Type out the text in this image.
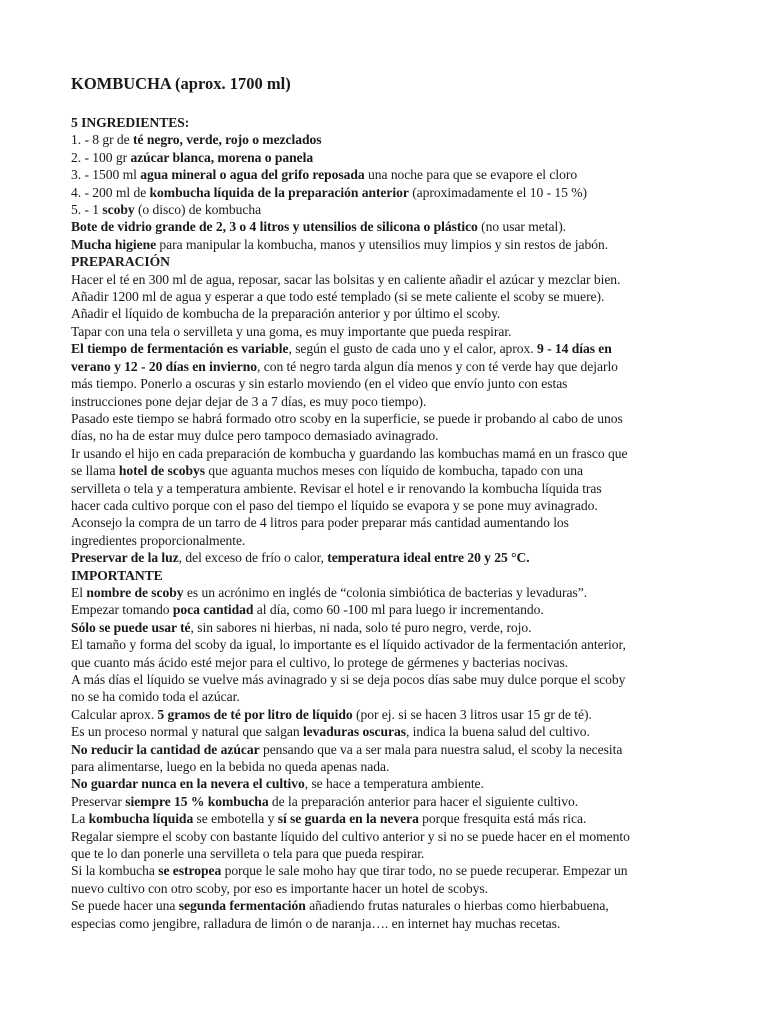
KOMBUCHA (aprox. 1700 ml)
5 INGREDIENTES:
1. - 8 gr de té negro, verde, rojo o mezclados
2. - 100 gr azúcar blanca, morena o panela
3. - 1500 ml agua mineral o agua del grifo reposada una noche para que se evapore el cloro
4. - 200 ml de kombucha líquida de la preparación anterior (aproximadamente el 10 - 15 %)
5. - 1 scoby (o disco) de kombucha
Bote de vidrio grande de 2, 3 o 4 litros y utensilios de silicona o plástico (no usar metal).
Mucha higiene para manipular la kombucha, manos y utensilios muy limpios y sin restos de jabón.
PREPARACIÓN
Hacer el té en 300 ml de agua, reposar, sacar las bolsitas y en caliente añadir el azúcar y mezclar bien.
Añadir 1200 ml de agua y esperar a que todo esté templado (si se mete caliente el scoby se muere).
Añadir el líquido de kombucha de la preparación anterior y por último el scoby.
Tapar con una tela o servilleta y una goma, es muy importante que pueda respirar.
El tiempo de fermentación es variable, según el gusto de cada uno y el calor, aprox. 9 - 14 días en
verano y 12 - 20 días en invierno, con té negro tarda algun día menos y con té verde hay que dejarlo
más tiempo. Ponerlo a oscuras y sin estarlo moviendo (en el video que envío junto con estas
instrucciones pone dejar dejar de 3 a 7 días, es muy poco tiempo).
Pasado este tiempo se habrá formado otro scoby en la superficie, se puede ir probando al cabo de unos
días, no ha de estar muy dulce pero tampoco demasiado avinagrado.
Ir usando el hijo en cada preparación de kombucha y guardando las kombuchas mamá en un frasco que
se llama hotel de scobys que aguanta muchos meses con líquido de kombucha, tapado con una
servilleta o tela y a temperatura ambiente. Revisar el hotel e ir renovando la kombucha líquida tras
hacer cada cultivo porque con el paso del tiempo el líquido se evapora y se pone muy avinagrado.
Aconsejo la compra de un tarro de 4 litros para poder preparar más cantidad aumentando los
ingredientes proporcionalmente.
Preservar de la luz, del exceso de frío o calor, temperatura ideal entre 20 y 25 °C.
IMPORTANTE
El nombre de scoby es un acrónimo en inglés de “colonia simbiótica de bacterias y levaduras”.
Empezar tomando poca cantidad al día, como 60 -100 ml para luego ir incrementando.
Sólo se puede usar té, sin sabores ni hierbas, ni nada, solo té puro negro, verde, rojo.
El tamaño y forma del scoby da igual, lo importante es el líquido activador de la fermentación anterior,
que cuanto más ácido esté mejor para el cultivo, lo protege de gérmenes y bacterias nocivas.
A más días el líquido se vuelve más avinagrado y si se deja pocos días sabe muy dulce porque el scoby
no se ha comido toda el azúcar.
Calcular aprox. 5 gramos de té por litro de líquido (por ej. si se hacen 3 litros usar 15 gr de té).
Es un proceso normal y natural que salgan levaduras oscuras, indica la buena salud del cultivo.
No reducir la cantidad de azúcar pensando que va a ser mala para nuestra salud, el scoby la necesita
para alimentarse, luego en la bebida no queda apenas nada.
No guardar nunca en la nevera el cultivo, se hace a temperatura ambiente.
Preservar siempre 15 % kombucha de la preparación anterior para hacer el siguiente cultivo.
La kombucha líquida se embotella y sí se guarda en la nevera porque fresquita está más rica.
Regalar siempre el scoby con bastante líquido del cultivo anterior y si no se puede hacer en el momento
que te lo dan ponerle una servilleta o tela para que pueda respirar.
Si la kombucha se estropea porque le sale moho hay que tirar todo, no se puede recuperar. Empezar un
nuevo cultivo con otro scoby, por eso es importante hacer un hotel de scobys.
Se puede hacer una segunda fermentación añadiendo frutas naturales o hierbas como hierbabuena,
especias como jengibre, ralladura de limón o de naranja…. en internet hay muchas recetas.
